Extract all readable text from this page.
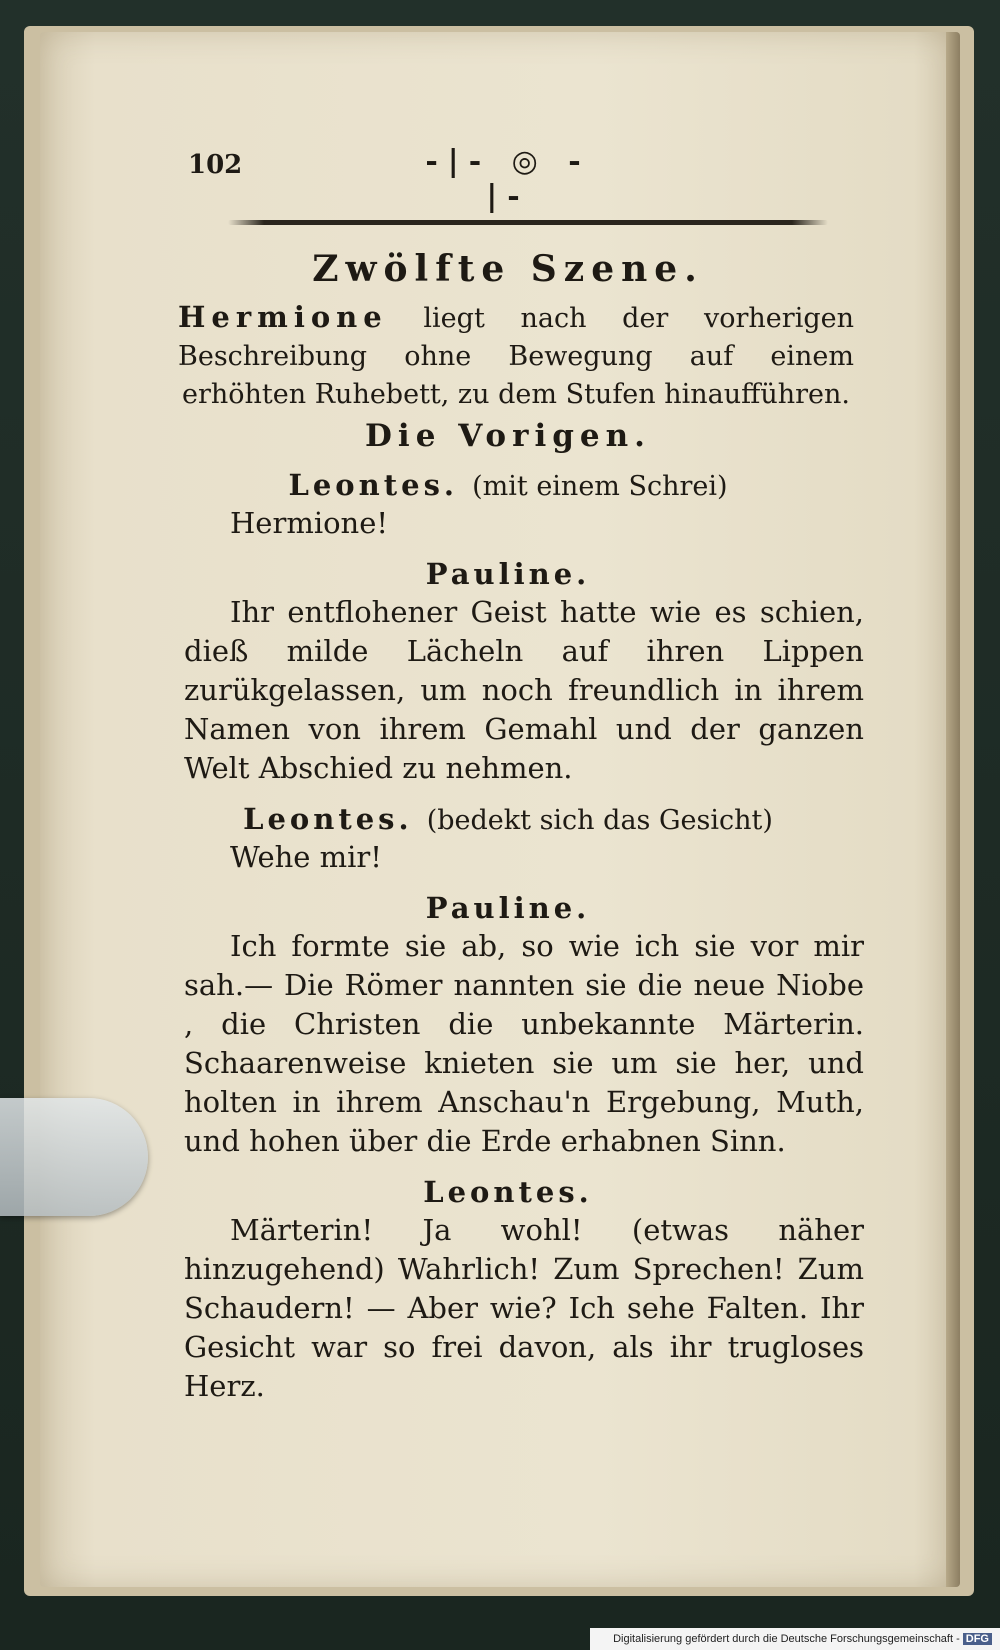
102	-|- ◎ -|-
Zwölfte Szene.
Hermione liegt nach der vorherigen Beschreibung ohne Bewegung auf einem erhöhten Ruhebett, zu dem Stufen hinaufführen.
Die Vorigen.
Leontes. (mit einem Schrei)
Hermione!
Pauline.
Ihr entflohener Geist hatte wie es schien, dieß milde Lächeln auf ihren Lippen zurükgelassen, um noch freundlich in ihrem Namen von ihrem Gemahl und der ganzen Welt Abschied zu nehmen.
Leontes. (bedekt sich das Gesicht)
Wehe mir!
Pauline.
Ich formte sie ab, so wie ich sie vor mir sah.— Die Römer nannten sie die neue Niobe , die Christen die unbekannte Märterin. Schaarenweise knieten sie um sie her, und holten in ihrem Anschau'n Ergebung, Muth, und hohen über die Erde erhabnen Sinn.
Leontes.
Märterin! Ja wohl! (etwas näher hinzugehend) Wahrlich! Zum Sprechen! Zum Schaudern! — Aber wie? Ich sehe Falten. Ihr Gesicht war so frei davon, als ihr trugloses Herz.
Digitalisierung gefördert durch die Deutsche Forschungsgemeinschaft - DFG
